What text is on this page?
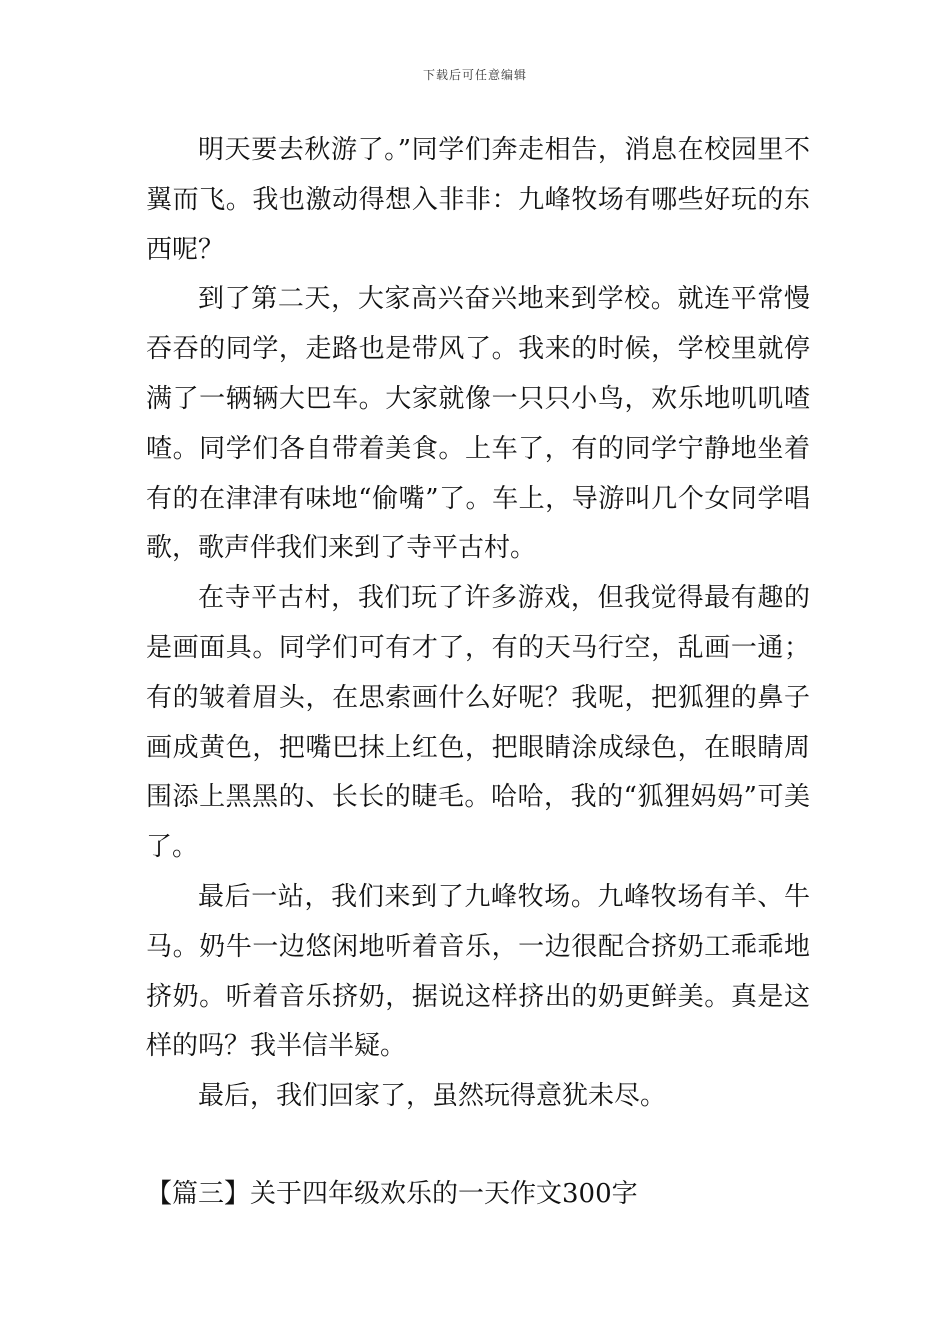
下载后可任意编辑

明天要去秋游了。”同学们奔走相告，消息在校园里不翼而飞。我也激动得想入非非：九峰牧场有哪些好玩的东西呢？

到了第二天，大家高兴奋兴地来到学校。就连平常慢吞吞的同学，走路也是带风了。我来的时候，学校里就停满了一辆辆大巴车。大家就像一只只小鸟，欢乐地叽叽喳喳。同学们各自带着美食。上车了，有的同学宁静地坐着有的在津津有味地“偷嘴”了。车上，导游叫几个女同学唱歌，歌声伴我们来到了寺平古村。

在寺平古村，我们玩了许多游戏，但我觉得最有趣的是画面具。同学们可有才了，有的天马行空，乱画一通；有的皱着眉头，在思索画什么好呢？我呢，把狐狸的鼻子画成黄色，把嘴巴抹上红色，把眼睛涂成绿色，在眼睛周围添上黑黑的、长长的睫毛。哈哈，我的“狐狸妈妈”可美了。

最后一站，我们来到了九峰牧场。九峰牧场有羊、牛马。奶牛一边悠闲地听着音乐，一边很配合挤奶工乖乖地挤奶。听着音乐挤奶，据说这样挤出的奶更鲜美。真是这样的吗？我半信半疑。

最后，我们回家了，虽然玩得意犹未尽。

【篇三】关于四年级欢乐的一天作文300字
